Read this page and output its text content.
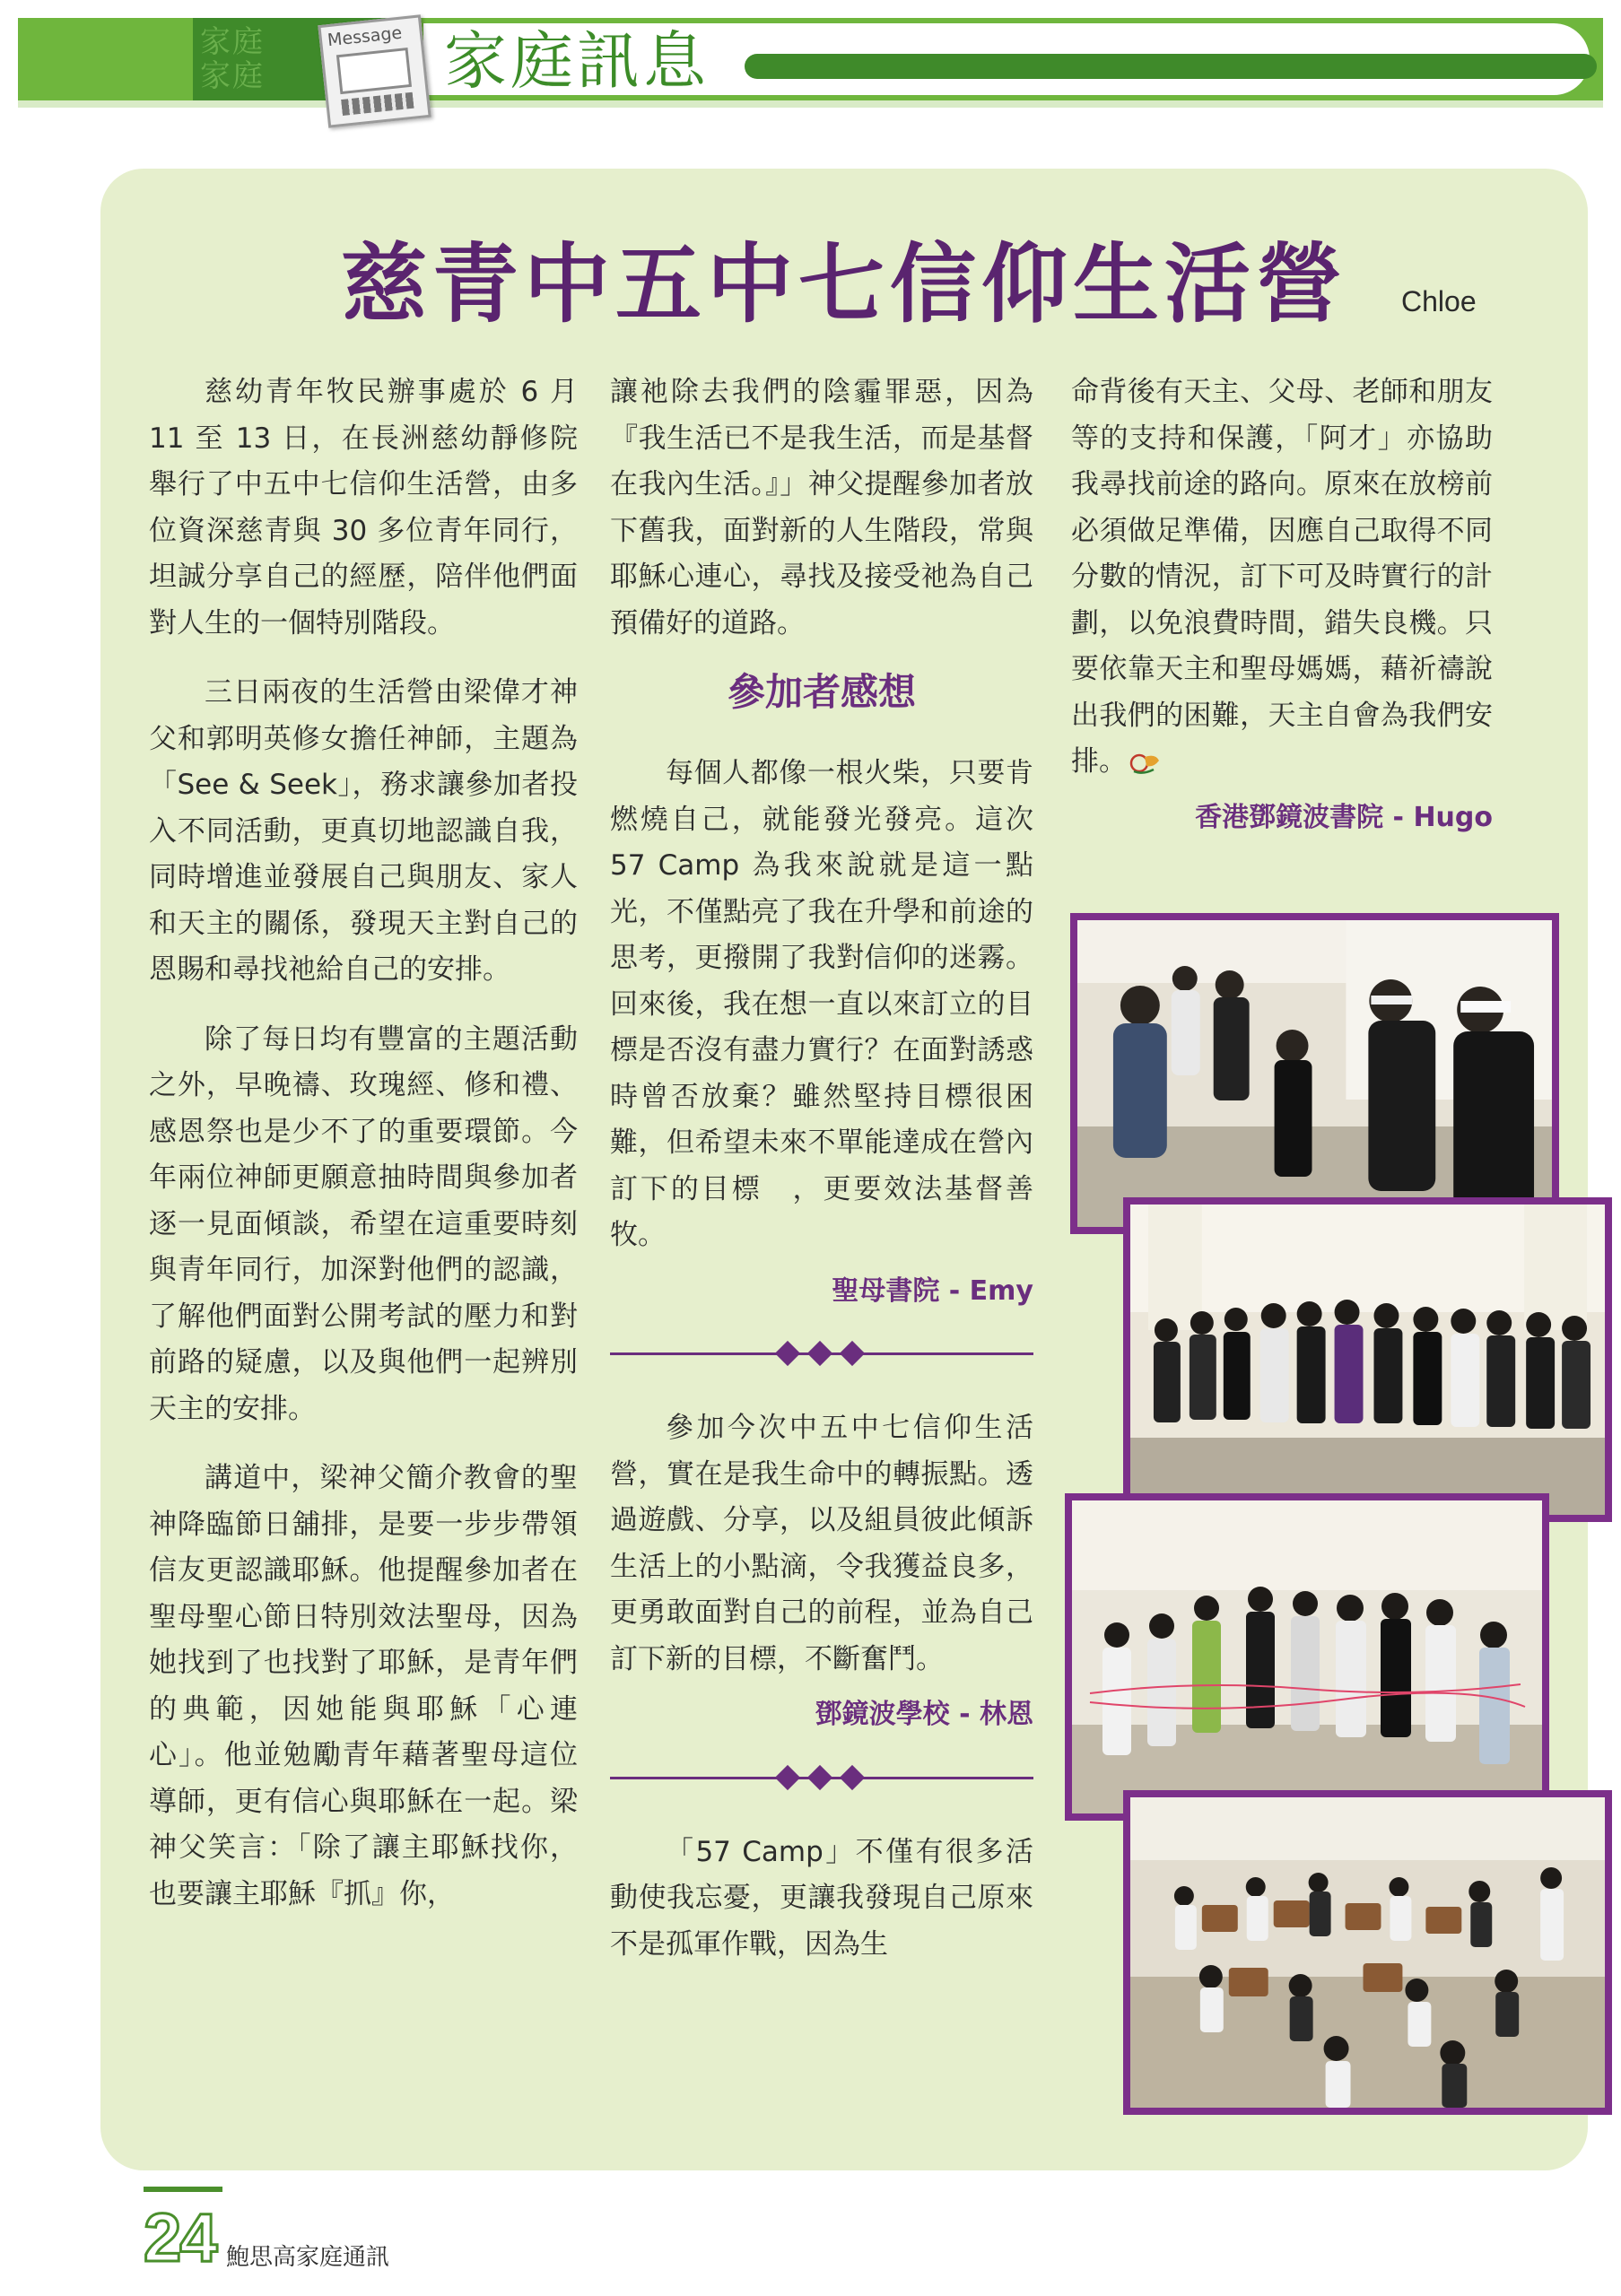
家庭
家庭	家庭訊息
Message
慈青中五中七信仰生活營 Chloe

慈幼青年牧民辦事處於 6 月 11 至 13 日，在長洲慈幼靜修院舉行了中五中七信仰生活營，由多位資深慈青與 30 多位青年同行，坦誠分享自己的經歷，陪伴他們面對人生的一個特別階段。

三日兩夜的生活營由梁偉才神父和郭明英修女擔任神師，主題為「See & Seek」，務求讓參加者投入不同活動，更真切地認識自我，同時增進並發展自己與朋友、家人和天主的關係，發現天主對自己的恩賜和尋找祂給自己的安排。

除了每日均有豐富的主題活動之外，早晚禱、玫瑰經、修和禮、感恩祭也是少不了的重要環節。今年兩位神師更願意抽時間與參加者逐一見面傾談，希望在這重要時刻與青年同行，加深對他們的認識，了解他們面對公開考試的壓力和對前路的疑慮，以及與他們一起辨別天主的安排。

講道中，梁神父簡介教會的聖神降臨節日舖排，是要一步步帶領信友更認識耶穌。他提醒參加者在聖母聖心節日特別效法聖母，因為她找到了也找對了耶穌，是青年們的典範，因她能與耶穌「心連心」。他並勉勵青年藉著聖母這位導師，更有信心與耶穌在一起。梁神父笑言：「除了讓主耶穌找你，也要讓主耶穌『抓』你，

讓祂除去我們的陰霾罪惡，因為『我生活已不是我生活，而是基督在我內生活。』」神父提醒參加者放下舊我，面對新的人生階段，常與耶穌心連心，尋找及接受祂為自己預備好的道路。

參加者感想

每個人都像一根火柴，只要肯燃燒自己，就能發光發亮。這次 57 Camp 為我來說就是這一點光，不僅點亮了我在升學和前途的思考，更撥開了我對信仰的迷霧。回來後，我在想一直以來訂立的目標是否沒有盡力實行？在面對誘惑時曾否放棄？雖然堅持目標很困難，但希望未來不單能達成在營內訂下的目標　，更要效法基督善牧。

聖母書院 - Emy

參加今次中五中七信仰生活營，實在是我生命中的轉振點。透過遊戲、分享，以及組員彼此傾訴生活上的小點滴，令我獲益良多，更勇敢面對自己的前程，並為自己訂下新的目標，不斷奮鬥。

鄧鏡波學校 - 林恩

「57 Camp」不僅有很多活動使我忘憂，更讓我發現自己原來不是孤軍作戰，因為生

命背後有天主、父母、老師和朋友等的支持和保護，「阿才」亦協助我尋找前途的路向。原來在放榜前必須做足準備，因應自己取得不同分數的情況，訂下可及時實行的計劃，以免浪費時間，錯失良機。只要依靠天主和聖母媽媽，藉祈禱說出我們的困難，天主自會為我們安排。

香港鄧鏡波書院 - Hugo

24 鮑思高家庭通訊
